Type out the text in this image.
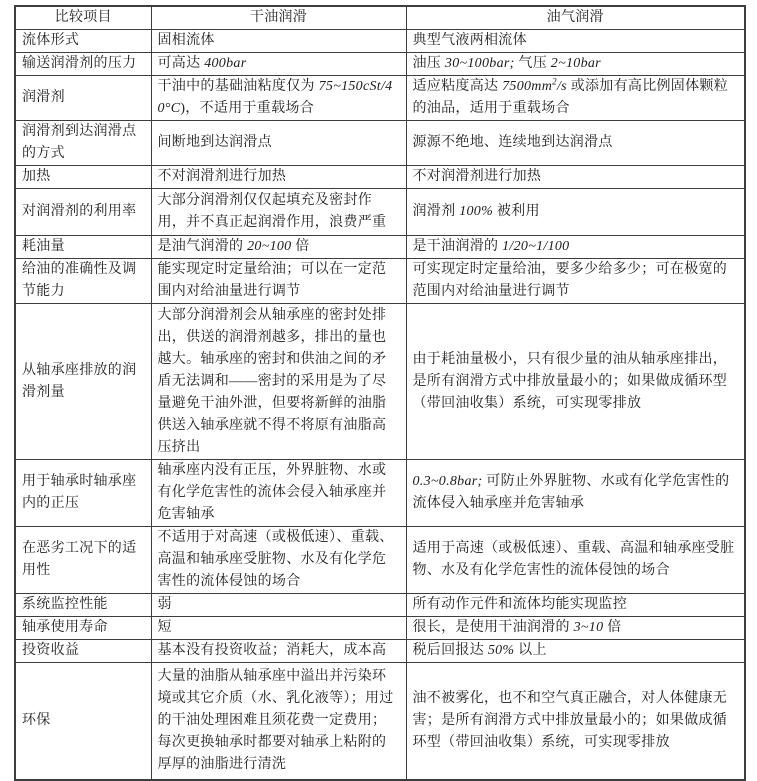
比较项目	干油润滑	油气润滑
流体形式	固相流体	典型气液两相流体
输送润滑剂的压力	可高达 400bar	油压 30~100bar; 气压 2~10bar
润滑剂	干油中的基础油粘度仅为 75~150cSt/40°C)，不适用于重载场合	适应粘度高达 $7500mm^2/s$ 或添加有高比例固体颗粒的油品，适用于重载场合
润滑剂到达润滑点的方式	间断地到达润滑点	源源不绝地、连续地到达润滑点
加热	不对润滑剂进行加热	不对润滑剂进行加热
对润滑剂的利用率	大部分润滑剂仅仅起填充及密封作用，并不真正起润滑作用，浪费严重	润滑剂 100% 被利用
耗油量	是油气润滑的 20~100 倍	是干油润滑的 1/20~1/100
给油的准确性及调节能力	能实现定时定量给油；可以在一定范围内对给油量进行调节	可实现定时定量给油，要多少给多少；可在极宽的范围内对给油量进行调节
从轴承座排放的润滑剂量	大部分润滑剂会从轴承座的密封处排出，供送的润滑剂越多，排出的量也越大。轴承座的密封和供油之间的矛盾无法调和——密封的采用是为了尽量避免干油外泄，但要将新鲜的油脂供送入轴承座就不得不将原有油脂高压挤出	由于耗油量极小，只有很少量的油从轴承座排出，是所有润滑方式中排放量最小的；如果做成循环型（带回油收集）系统，可实现零排放
用于轴承时轴承座内的正压	轴承座内没有正压，外界脏物、水或有化学危害性的流体会侵入轴承座并危害轴承	0.3~0.8bar; 可防止外界脏物、水或有化学危害性的流体侵入轴承座并危害轴承
在恶劣工况下的适用性	不适用于对高速（或极低速）、重载、高温和轴承座受脏物、水及有化学危害性的流体侵蚀的场合	适用于高速（或极低速）、重载、高温和轴承座受脏物、水及有化学危害性的流体侵蚀的场合
系统监控性能	弱	所有动作元件和流体均能实现监控
轴承使用寿命	短	很长，是使用干油润滑的 3~10 倍
投资收益	基本没有投资收益；消耗大，成本高	税后回报达 50% 以上
环保	大量的油脂从轴承座中溢出并污染环境或其它介质（水、乳化液等）；用过的干油处理困难且须花费一定费用；每次更换轴承时都要对轴承上粘附的厚厚的油脂进行清洗	油不被雾化，也不和空气真正融合，对人体健康无害；是所有润滑方式中排放量最小的；如果做成循环型（带回油收集）系统，可实现零排放
